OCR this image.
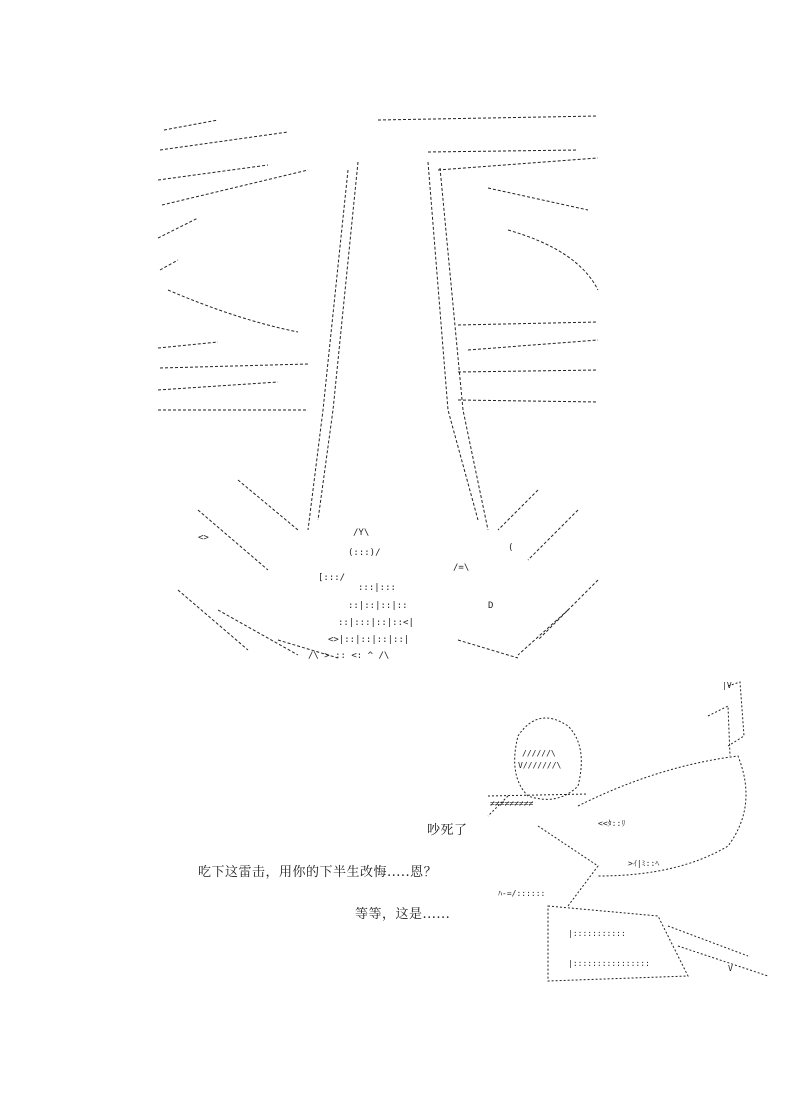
<>	/Y\
(:::)/
/=\
[:::/
:::|:::
::|::|::|::
::|:::|::|::<|
<>|::|::|::|::|
/\ > :: <: ^ /\
D
(
|V
//////\
V///////\
≠≠≠≠≠≠≠≠≠
<<ﾀ::ﾘ
>ｲ|ﾐ::ﾍ
ﾊ-=/::::::
|:::::::::::
|::::::::::::::::
V
吵死了
吃下这雷击，用你的下半生改悔.....恩？
等等，这是......
